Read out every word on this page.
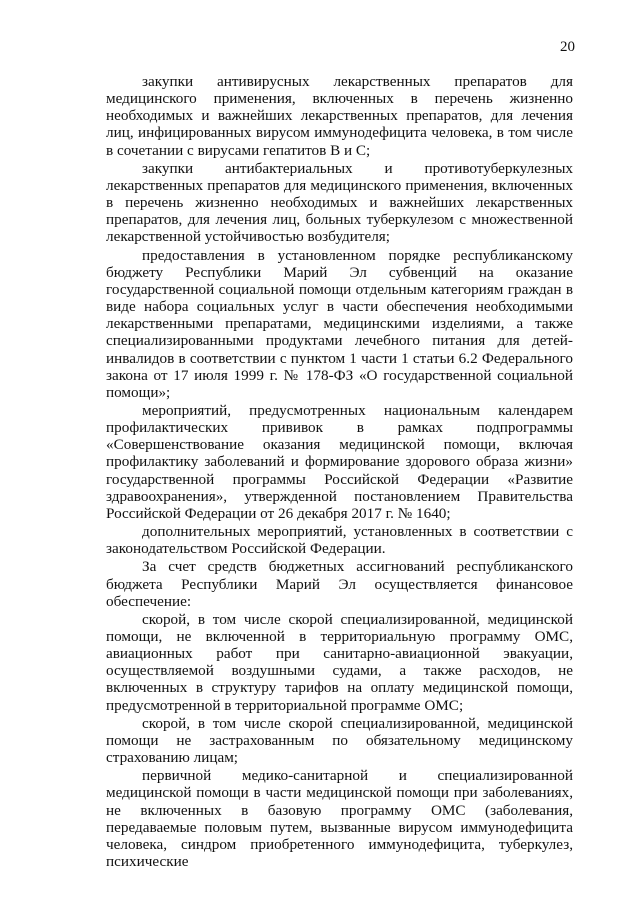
20

закупки антивирусных лекарственных препаратов для медицинского применения, включенных в перечень жизненно необходимых и важнейших лекарственных препаратов, для лечения лиц, инфицированных вирусом иммунодефицита человека, в том числе в сочетании с вирусами гепатитов В и С;

закупки антибактериальных и противотуберкулезных лекарственных препаратов для медицинского применения, включенных в перечень жизненно необходимых и важнейших лекарственных препаратов, для лечения лиц, больных туберкулезом с множественной лекарственной устойчивостью возбудителя;

предоставления в установленном порядке республиканскому бюджету Республики Марий Эл субвенций на оказание государственной социальной помощи отдельным категориям граждан в виде набора социальных услуг в части обеспечения необходимыми лекарственными препаратами, медицинскими изделиями, а также специализированными продуктами лечебного питания для детей-инвалидов в соответствии с пунктом 1 части 1 статьи 6.2 Федерального закона от 17 июля 1999 г. № 178-ФЗ «О государственной социальной помощи»;

мероприятий, предусмотренных национальным календарем профилактических прививок в рамках подпрограммы «Совершенствование оказания медицинской помощи, включая профилактику заболеваний и формирование здорового образа жизни» государственной программы Российской Федерации «Развитие здравоохранения», утвержденной постановлением Правительства Российской Федерации от 26 декабря 2017 г. № 1640;

дополнительных мероприятий, установленных в соответствии с законодательством Российской Федерации.

За счет средств бюджетных ассигнований республиканского бюджета Республики Марий Эл осуществляется финансовое обеспечение:

скорой, в том числе скорой специализированной, медицинской помощи, не включенной в территориальную программу ОМС, авиационных работ при санитарно-авиационной эвакуации, осуществляемой воздушными судами, а также расходов, не включенных в структуру тарифов на оплату медицинской помощи, предусмотренной в территориальной программе ОМС;

скорой, в том числе скорой специализированной, медицинской помощи не застрахованным по обязательному медицинскому страхованию лицам;

первичной медико-санитарной и специализированной медицинской помощи в части медицинской помощи при заболеваниях, не включенных в базовую программу ОМС (заболевания, передаваемые половым путем, вызванные вирусом иммунодефицита человека, синдром приобретенного иммунодефицита, туберкулез, психические
